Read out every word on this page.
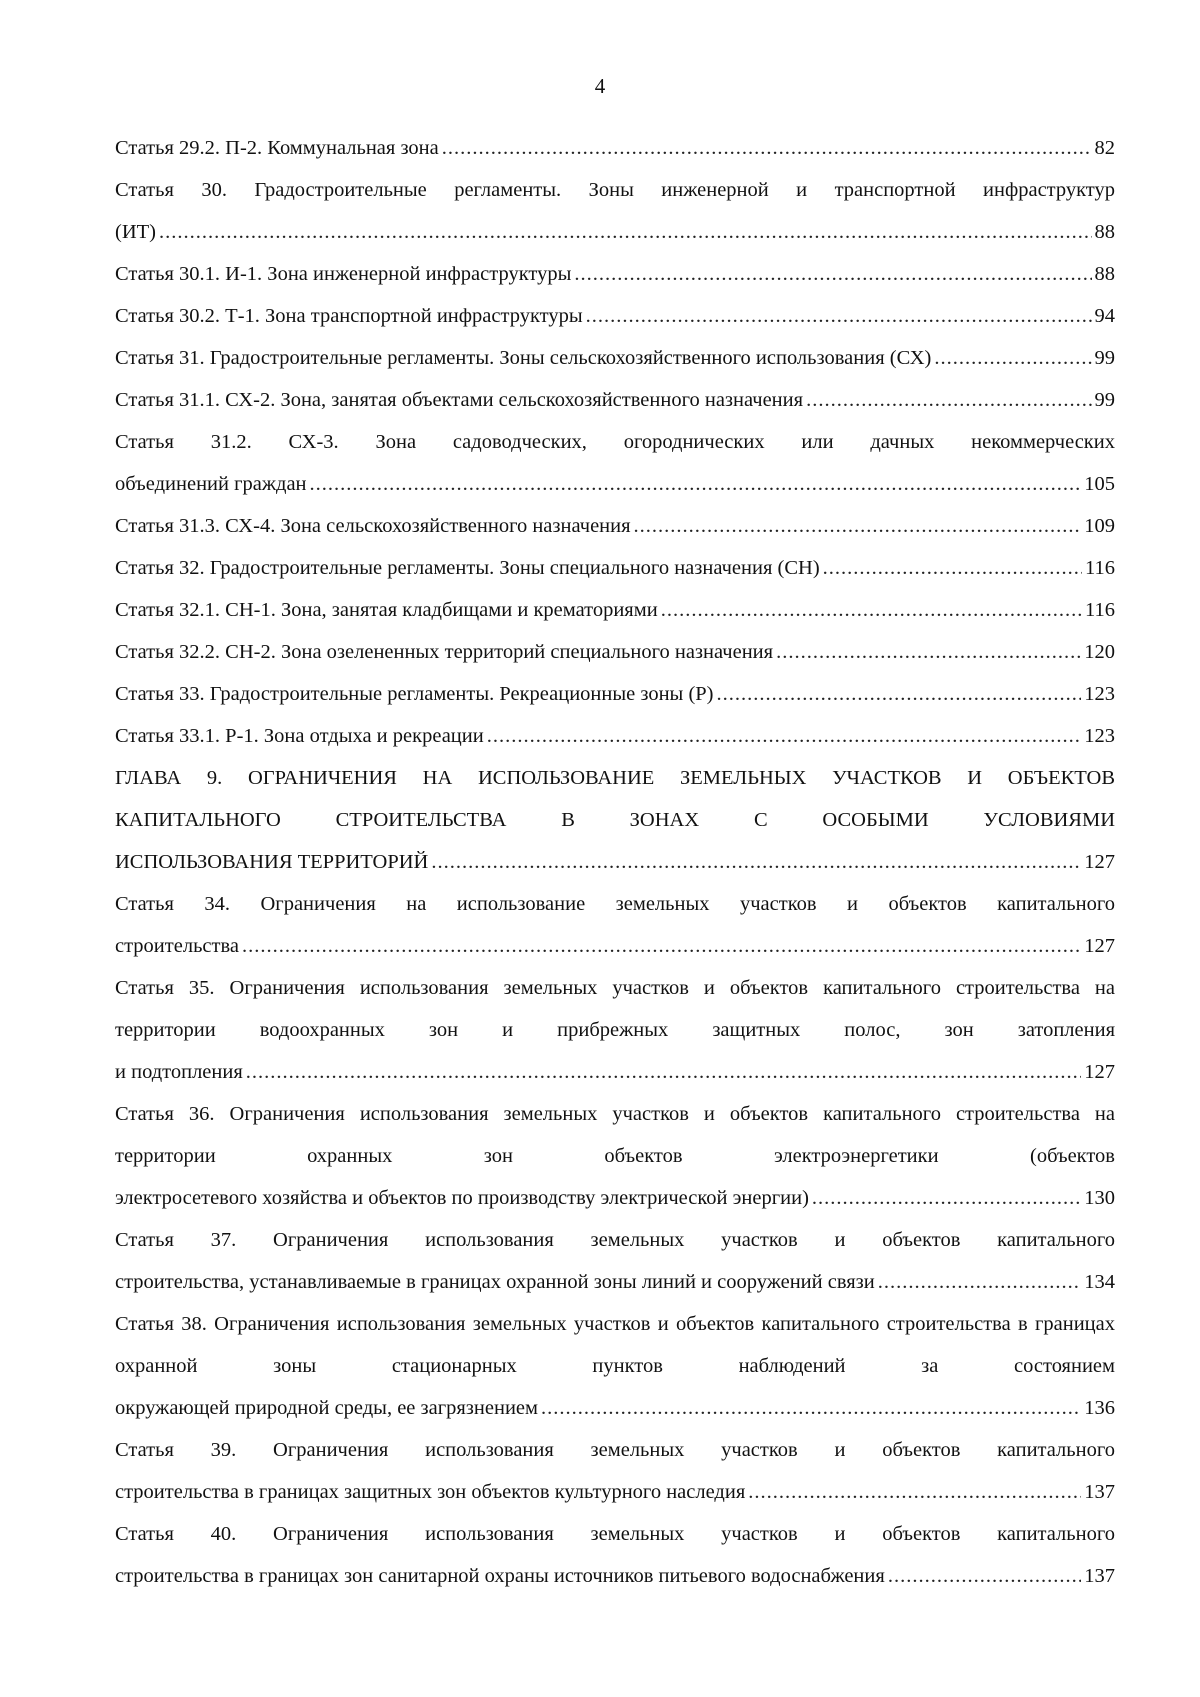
4
Статья 29.2. П-2. Коммунальная зона .....	82
Статья 30. Градостроительные регламенты. Зоны инженерной и транспортной инфраструктур
(ИТ) .....	88
Статья 30.1. И-1. Зона инженерной инфраструктуры .....	88
Статья 30.2. Т-1. Зона транспортной инфраструктуры .....	94
Статья 31. Градостроительные регламенты. Зоны сельскохозяйственного использования (СХ) .....	99
Статья 31.1. СХ-2. Зона, занятая объектами сельскохозяйственного назначения .....	99
Статья 31.2. СХ-3. Зона садоводческих, огороднических или дачных некоммерческих
объединений граждан .....	105
Статья 31.3. СХ-4. Зона сельскохозяйственного назначения .....	109
Статья 32. Градостроительные регламенты. Зоны специального назначения (СН) .....	116
Статья 32.1. СН-1. Зона, занятая кладбищами и крематориями .....	116
Статья 32.2. СН-2. Зона озелененных территорий специального назначения .....	120
Статья 33. Градостроительные регламенты. Рекреационные зоны (Р) .....	123
Статья 33.1. Р-1. Зона отдыха и рекреации .....	123
ГЛАВА 9. ОГРАНИЧЕНИЯ НА ИСПОЛЬЗОВАНИЕ ЗЕМЕЛЬНЫХ УЧАСТКОВ И ОБЪЕКТОВ КАПИТАЛЬНОГО СТРОИТЕЛЬСТВА В ЗОНАХ С ОСОБЫМИ УСЛОВИЯМИ
ИСПОЛЬЗОВАНИЯ ТЕРРИТОРИЙ .....	127
Статья 34. Ограничения на использование земельных участков и объектов капитального
строительства .....	127
Статья 35. Ограничения использования земельных участков и объектов капитального строительства на территории водоохранных зон и прибрежных защитных полос, зон затопления
и подтопления .....	127
Статья 36. Ограничения использования земельных участков и объектов капитального строительства на территории охранных зон объектов электроэнергетики (объектов
электросетевого хозяйства и объектов по производству электрической энергии) .....	130
Статья 37. Ограничения использования земельных участков и объектов капитального
строительства, устанавливаемые в границах охранной зоны линий и сооружений связи .....	134
Статья 38. Ограничения использования земельных участков и объектов капитального строительства в границах охранной зоны стационарных пунктов наблюдений за состоянием
окружающей природной среды, ее загрязнением .....	136
Статья 39. Ограничения использования земельных участков и объектов капитального
строительства в границах защитных зон объектов культурного наследия .....	137
Статья 40. Ограничения использования земельных участков и объектов капитального
строительства в границах зон санитарной охраны источников питьевого водоснабжения .....	137
